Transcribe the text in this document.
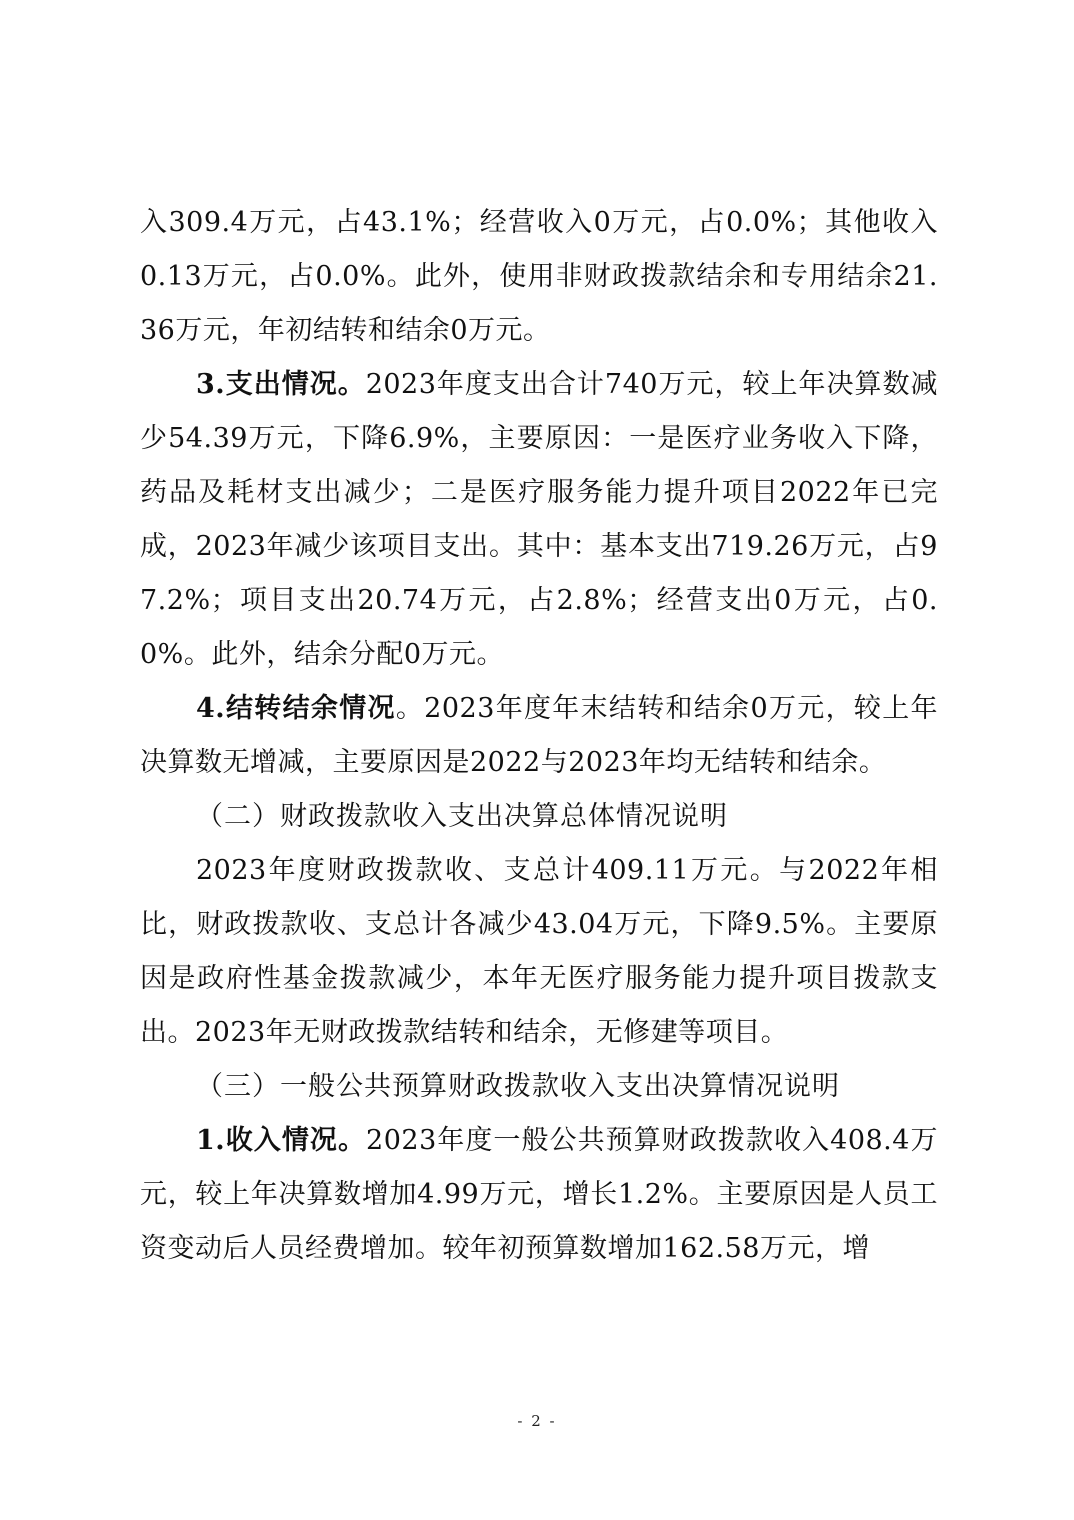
入309.4万元，占43.1%；经营收入0万元，占0.0%；其他收入0.13万元，占0.0%。此外，使用非财政拨款结余和专用结余21.36万元，年初结转和结余0万元。

3.支出情况。2023年度支出合计740万元，较上年决算数减少54.39万元，下降6.9%，主要原因：一是医疗业务收入下降，药品及耗材支出减少；二是医疗服务能力提升项目2022年已完成，2023年减少该项目支出。其中：基本支出719.26万元，占97.2%；项目支出20.74万元，占2.8%；经营支出0万元，占0.0%。此外，结余分配0万元。

4.结转结余情况。2023年度年末结转和结余0万元，较上年决算数无增减，主要原因是2022与2023年均无结转和结余。

（二）财政拨款收入支出决算总体情况说明

2023年度财政拨款收、支总计409.11万元。与2022年相比，财政拨款收、支总计各减少43.04万元，下降9.5%。主要原因是政府性基金拨款减少，本年无医疗服务能力提升项目拨款支出。2023年无财政拨款结转和结余，无修建等项目。

（三）一般公共预算财政拨款收入支出决算情况说明

1.收入情况。2023年度一般公共预算财政拨款收入408.4万元，较上年决算数增加4.99万元，增长1.2%。主要原因是人员工资变动后人员经费增加。较年初预算数增加162.58万元，增

- 2 -
